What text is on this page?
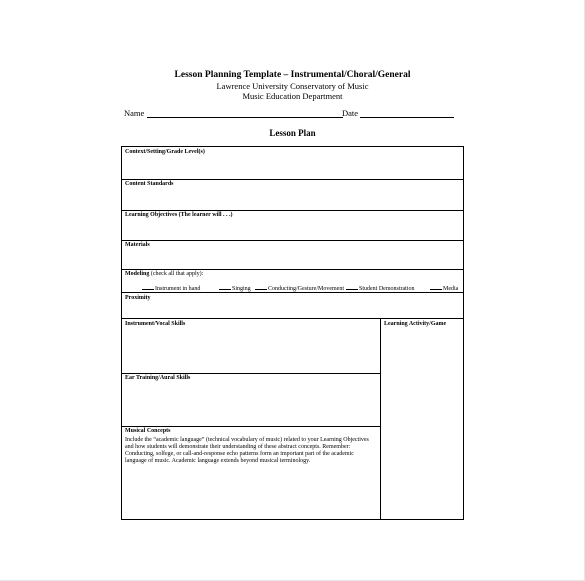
Lesson Planning Template – Instrumental/Choral/General
Lawrence University Conservatory of Music
Music Education Department
Name	Date
Lesson Plan
Context/Setting/Grade Level(s)
Content Standards
Learning Objectives (The learner will . . .)
Materials
Modeling (check all that apply):
Instrument in hand	Singing	Conducting/Gesture/Movement	Student Demonstration	Media
Proximity
Instrument/Vocal Skills	Learning Activity/Game
Ear Training/Aural Skills
Musical Concepts
Include the “academic language” (technical vocabulary of music) related to your Learning Objectives and how students will demonstrate their understanding of these abstract concepts. Remember: Conducting, solfege, or call-and-response echo patterns form an important part of the academic language of music. Academic language extends beyond musical terminology.
